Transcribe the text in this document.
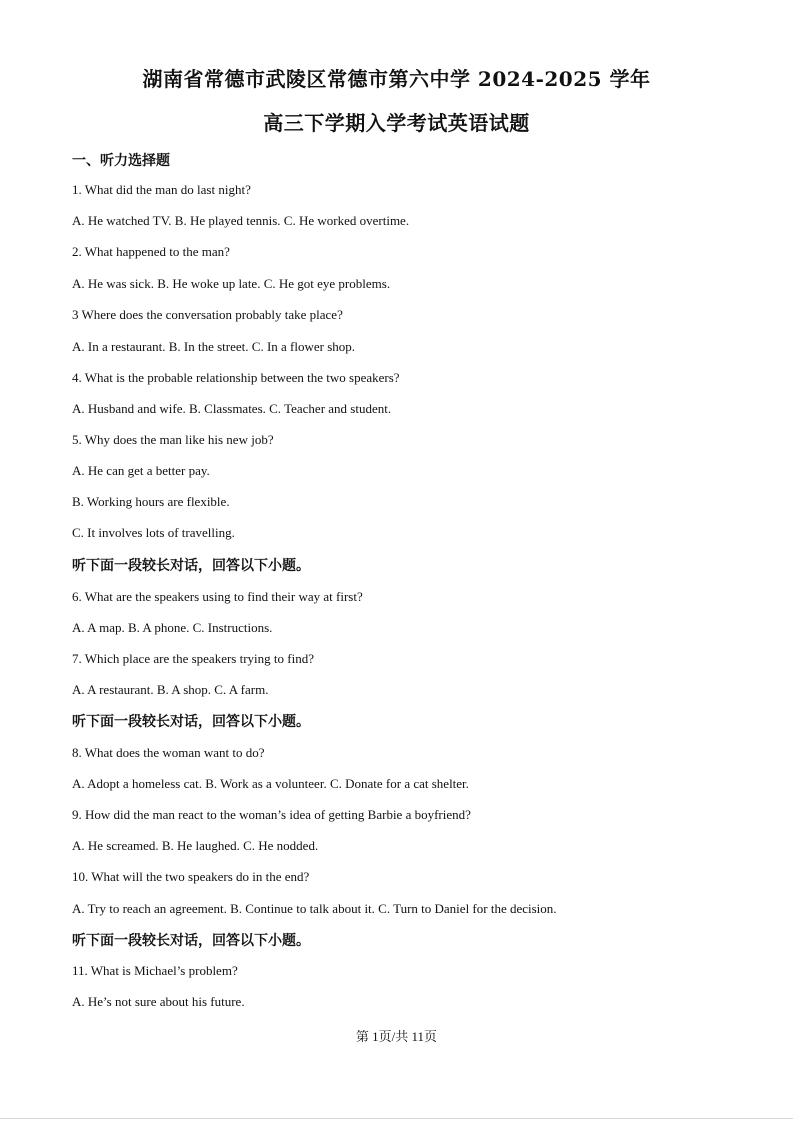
湖南省常德市武陵区常德市第六中学 2024-2025 学年
高三下学期入学考试英语试题
一、听力选择题
1. What did the man do last night?
A. He watched TV. B. He played tennis. C. He worked overtime.
2. What happened to the man?
A. He was sick. B. He woke up late. C. He got eye problems.
3 Where does the conversation probably take place?
A. In a restaurant. B. In the street. C. In a flower shop.
4. What is the probable relationship between the two speakers?
A. Husband and wife. B. Classmates. C. Teacher and student.
5. Why does the man like his new job?
A. He can get a better pay.
B. Working hours are flexible.
C. It involves lots of travelling.
听下面一段较长对话，回答以下小题。
6. What are the speakers using to find their way at first?
A. A map. B. A phone. C. Instructions.
7. Which place are the speakers trying to find?
A. A restaurant. B. A shop. C. A farm.
听下面一段较长对话，回答以下小题。
8. What does the woman want to do?
A. Adopt a homeless cat. B. Work as a volunteer. C. Donate for a cat shelter.
9. How did the man react to the woman’s idea of getting Barbie a boyfriend?
A. He screamed. B. He laughed. C. He nodded.
10. What will the two speakers do in the end?
A. Try to reach an agreement. B. Continue to talk about it. C. Turn to Daniel for the decision.
听下面一段较长对话，回答以下小题。
11. What is Michael’s problem?
A. He’s not sure about his future.
第 1页/共 11页
